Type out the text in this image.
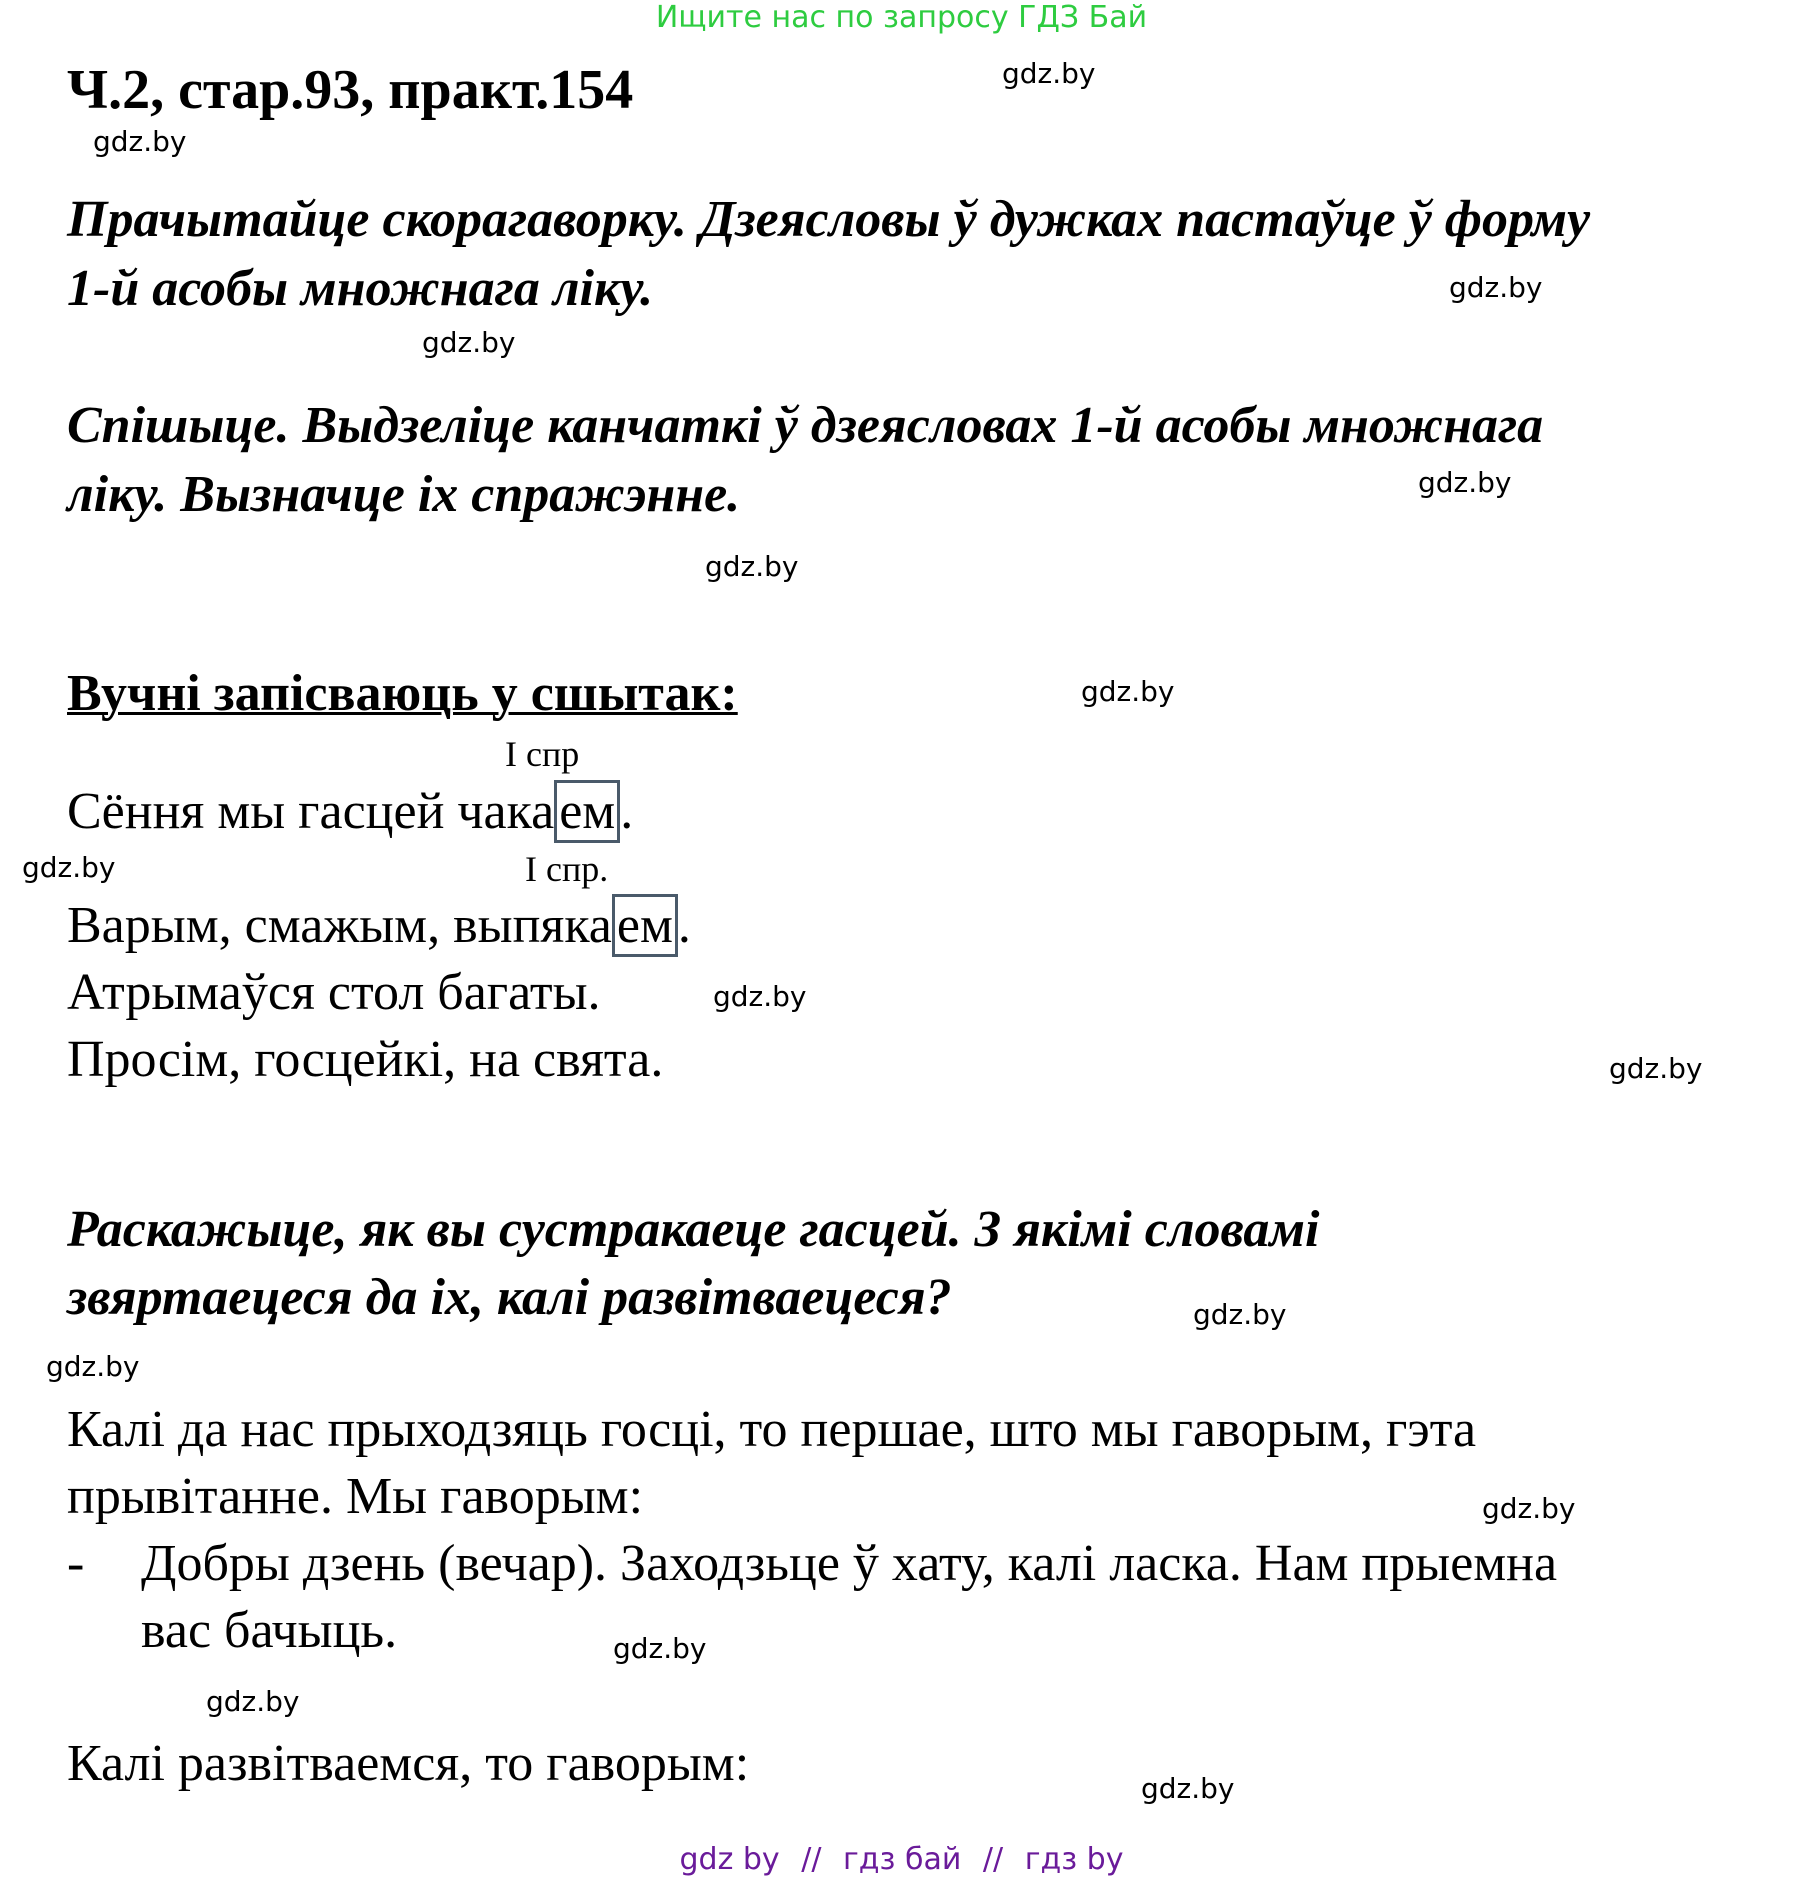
Ищите нас по запросу ГДЗ Бай
Ч.2, стар.93, практ.154
Прачытайце скорагаворку. Дзеясловы ў дужках пастаўце ў форму
1-й асобы множнага ліку.
Спішыце. Выдзеліце канчаткі ў дзеясловах 1-й асобы множнага
ліку. Вызначце іх спражэнне.
Вучні запісваюць у сшытак:
I спр
Сёння мы гасцей чакаем.
I спр.
Варым, смажым, выпякаем.
Атрымаўся стол багаты.
Просім, госцейкі, на свята.
Раскажыце, як вы сустракаеце гасцей. З якімі словамі
звяртаецеся да іх, калі развітваецеся?
Калі да нас прыходзяць госці, то першае, што мы гаворым, гэта
прывітанне. Мы гаворым:
- Добры дзень (вечар). Заходзьце ў хату, калі ласка. Нам прыемна
вас бачыць.
Калі развітваемся, то гаворым:
gdz.by
gdz.by
gdz.by
gdz.by
gdz.by
gdz.by
gdz.by
gdz.by
gdz.by
gdz.by
gdz.by
gdz.by
gdz.by
gdz.by
gdz.by
gdz.by
gdz by // гдз бай // гдз by
